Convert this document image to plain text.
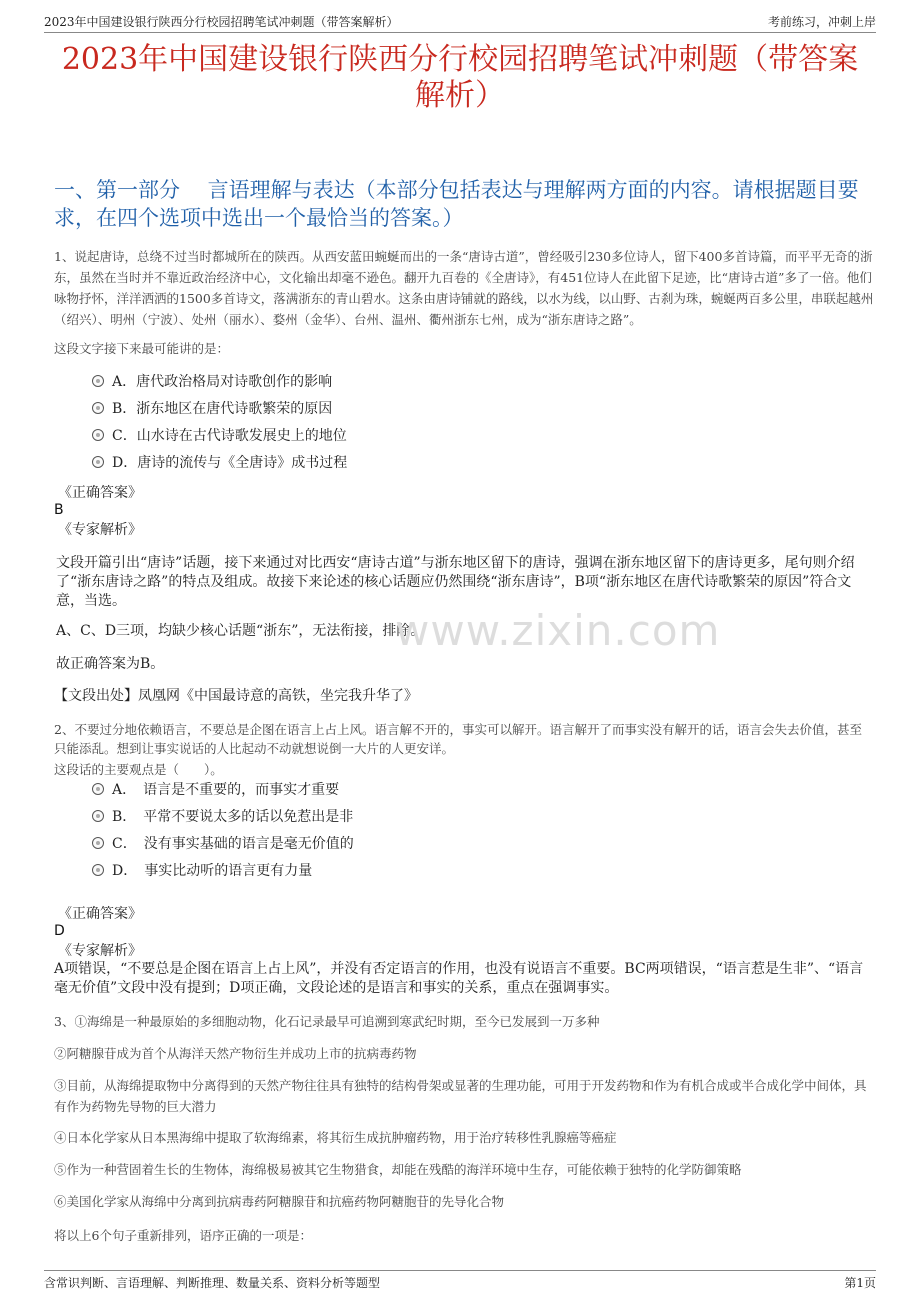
2023年中国建设银行陕西分行校园招聘笔试冲刺题（带答案解析）	考前练习，冲刺上岸
2023年中国建设银行陕西分行校园招聘笔试冲刺题（带答案解析）
一、第一部分　 言语理解与表达（本部分包括表达与理解两方面的内容。请根据题目要求，在四个选项中选出一个最恰当的答案。）
1、说起唐诗，总绕不过当时都城所在的陕西。从西安蓝田蜿蜒而出的一条“唐诗古道”，曾经吸引230多位诗人，留下400多首诗篇，而平平无奇的浙东，虽然在当时并不靠近政治经济中心，文化输出却毫不逊色。翻开九百卷的《全唐诗》，有451位诗人在此留下足迹，比“唐诗古道”多了一倍。他们咏物抒怀，洋洋洒洒的1500多首诗文，落满浙东的青山碧水。这条由唐诗铺就的路线，以水为线，以山野、古刹为珠，蜿蜒两百多公里，串联起越州（绍兴）、明州（宁波）、处州（丽水）、婺州（金华）、台州、温州、衢州浙东七州，成为“浙东唐诗之路”。
这段文字接下来最可能讲的是：
A．唐代政治格局对诗歌创作的影响
B．浙东地区在唐代诗歌繁荣的原因
C．山水诗在古代诗歌发展史上的地位
D．唐诗的流传与《全唐诗》成书过程
《正确答案》
B
《专家解析》
文段开篇引出“唐诗”话题，接下来通过对比西安“唐诗古道”与浙东地区留下的唐诗，强调在浙东地区留下的唐诗更多，尾句则介绍了“浙东唐诗之路”的特点及组成。故接下来论述的核心话题应仍然围绕“浙东唐诗”，B项“浙东地区在唐代诗歌繁荣的原因”符合文意，当选。
A、C、D三项，均缺少核心话题“浙东”，无法衔接，排除。
故正确答案为B。
【文段出处】凤凰网《中国最诗意的高铁，坐完我升华了》
www.zixin.com
2、不要过分地依赖语言，不要总是企图在语言上占上风。语言解不开的，事实可以解开。语言解开了而事实没有解开的话，语言会失去价值，甚至只能添乱。想到让事实说话的人比起动不动就想说倒一大片的人更安详。
这段话的主要观点是（　　）。
A．　语言是不重要的，而事实才重要
B．　平常不要说太多的话以免惹出是非
C．　没有事实基础的语言是毫无价值的
D．　事实比动听的语言更有力量
《正确答案》
D
《专家解析》
A项错误，“不要总是企图在语言上占上风”，并没有否定语言的作用，也没有说语言不重要。BC两项错误，“语言惹是生非”、“语言毫无价值”文段中没有提到；D项正确，文段论述的是语言和事实的关系，重点在强调事实。
3、①海绵是一种最原始的多细胞动物，化石记录最早可追溯到寒武纪时期，至今已发展到一万多种
②阿糖腺苷成为首个从海洋天然产物衍生并成功上市的抗病毒药物
③目前，从海绵提取物中分离得到的天然产物往往具有独特的结构骨架或显著的生理功能，可用于开发药物和作为有机合成或半合成化学中间体，具有作为药物先导物的巨大潜力
④日本化学家从日本黑海绵中提取了软海绵素，将其衍生成抗肿瘤药物，用于治疗转移性乳腺癌等癌症
⑤作为一种营固着生长的生物体，海绵极易被其它生物猎食，却能在残酷的海洋环境中生存，可能依赖于独特的化学防御策略
⑥美国化学家从海绵中分离到抗病毒药阿糖腺苷和抗癌药物阿糖胞苷的先导化合物
将以上6个句子重新排列，语序正确的一项是：
含常识判断、言语理解、判断推理、数量关系、资料分析等题型	第1页
